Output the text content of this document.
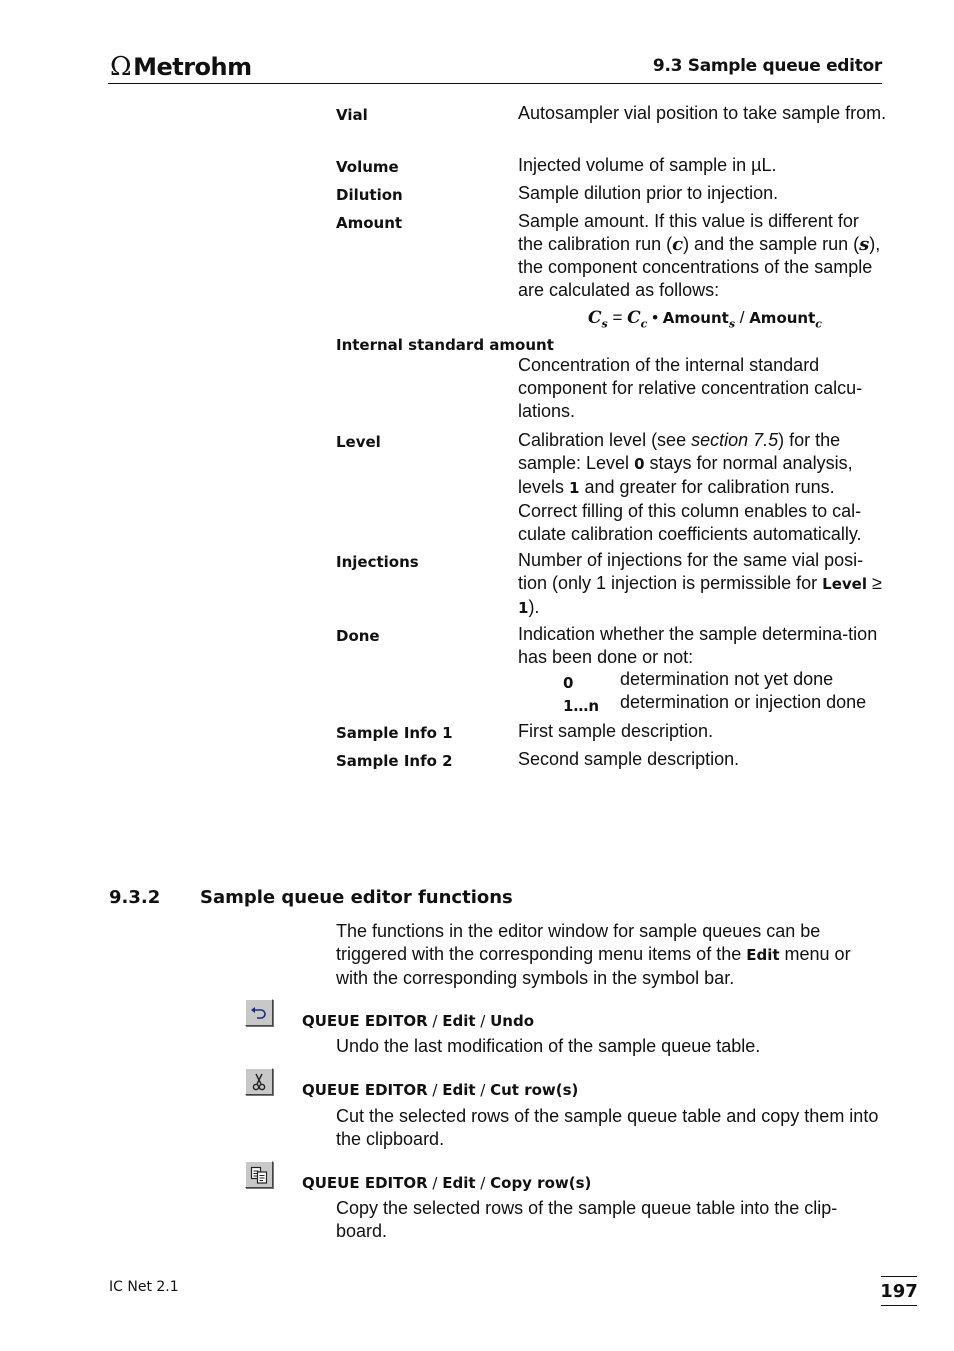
Ω Metrohm	9.3 Sample queue editor
Vial	Autosampler vial position to take sample from.
Volume	Injected volume of sample in µL.
Dilution	Sample dilution prior to injection.
Amount	Sample amount. If this value is different for the calibration run (c) and the sample run (s), the component concentrations of the sample are calculated as follows:
$C_s = C_c$ • Amount$_s$ / Amount$_c$
Internal standard amount
Concentration of the internal standard component for relative concentration calcu-lations.
Level	Calibration level (see section 7.5) for the sample: Level 0 stays for normal analysis, levels 1 and greater for calibration runs. Correct filling of this column enables to cal-culate calibration coefficients automatically.
Injections	Number of injections for the same vial posi-tion (only 1 injection is permissible for Level ≥ 1).
Done	Indication whether the sample determina-tion has been done or not:
0	determination not yet done
1…n determination or injection done
Sample Info 1	First sample description.
Sample Info 2	Second sample description.
9.3.2 Sample queue editor functions
The functions in the editor window for sample queues can be triggered with the corresponding menu items of the Edit menu or with the corresponding symbols in the symbol bar.
QUEUE EDITOR / Edit / Undo
Undo the last modification of the sample queue table.
QUEUE EDITOR / Edit / Cut row(s)
Cut the selected rows of the sample queue table and copy them into the clipboard.
QUEUE EDITOR / Edit / Copy row(s)
Copy the selected rows of the sample queue table into the clip-board.
IC Net 2.1	197
